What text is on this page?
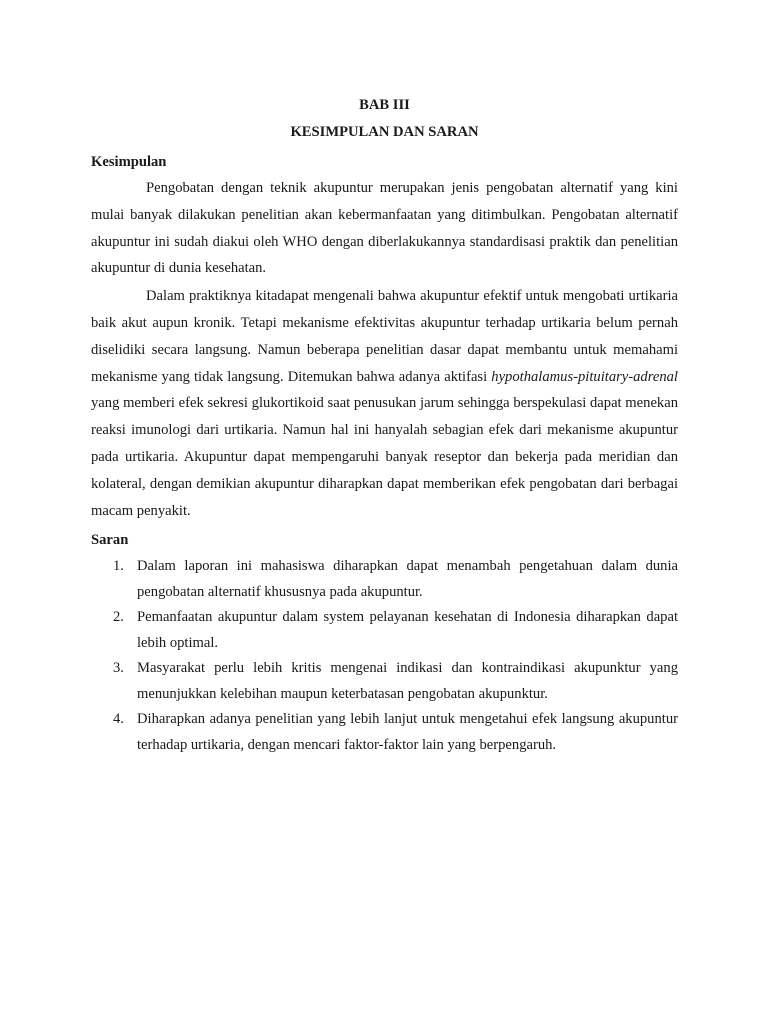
BAB III

KESIMPULAN DAN SARAN

Kesimpulan

Pengobatan dengan teknik akupuntur merupakan jenis pengobatan alternatif yang kini mulai banyak dilakukan penelitian akan kebermanfaatan yang ditimbulkan. Pengobatan alternatif akupuntur ini sudah diakui oleh WHO dengan diberlakukannya standardisasi praktik dan penelitian akupuntur di dunia kesehatan.

Dalam praktiknya kitadapat mengenali bahwa akupuntur efektif untuk mengobati urtikaria baik akut aupun kronik. Tetapi mekanisme efektivitas akupuntur terhadap urtikaria belum pernah diselidiki secara langsung. Namun beberapa penelitian dasar dapat membantu untuk memahami mekanisme yang tidak langsung. Ditemukan bahwa adanya aktifasi hypothalamus-pituitary-adrenal yang memberi efek sekresi glukortikoid saat penusukan jarum sehingga berspekulasi dapat menekan reaksi imunologi dari urtikaria. Namun hal ini hanyalah sebagian efek dari mekanisme akupuntur pada urtikaria. Akupuntur dapat mempengaruhi banyak reseptor dan bekerja pada meridian dan kolateral, dengan demikian akupuntur diharapkan dapat memberikan efek pengobatan dari berbagai macam penyakit.

Saran

1. Dalam laporan ini mahasiswa diharapkan dapat menambah pengetahuan dalam dunia pengobatan alternatif khususnya pada akupuntur.
2. Pemanfaatan akupuntur dalam system pelayanan kesehatan di Indonesia diharapkan dapat lebih optimal.
3. Masyarakat perlu lebih kritis mengenai indikasi dan kontraindikasi akupunktur yang menunjukkan kelebihan maupun keterbatasan pengobatan akupunktur.
4. Diharapkan adanya penelitian yang lebih lanjut untuk mengetahui efek langsung akupuntur terhadap urtikaria, dengan mencari faktor-faktor lain yang berpengaruh.
